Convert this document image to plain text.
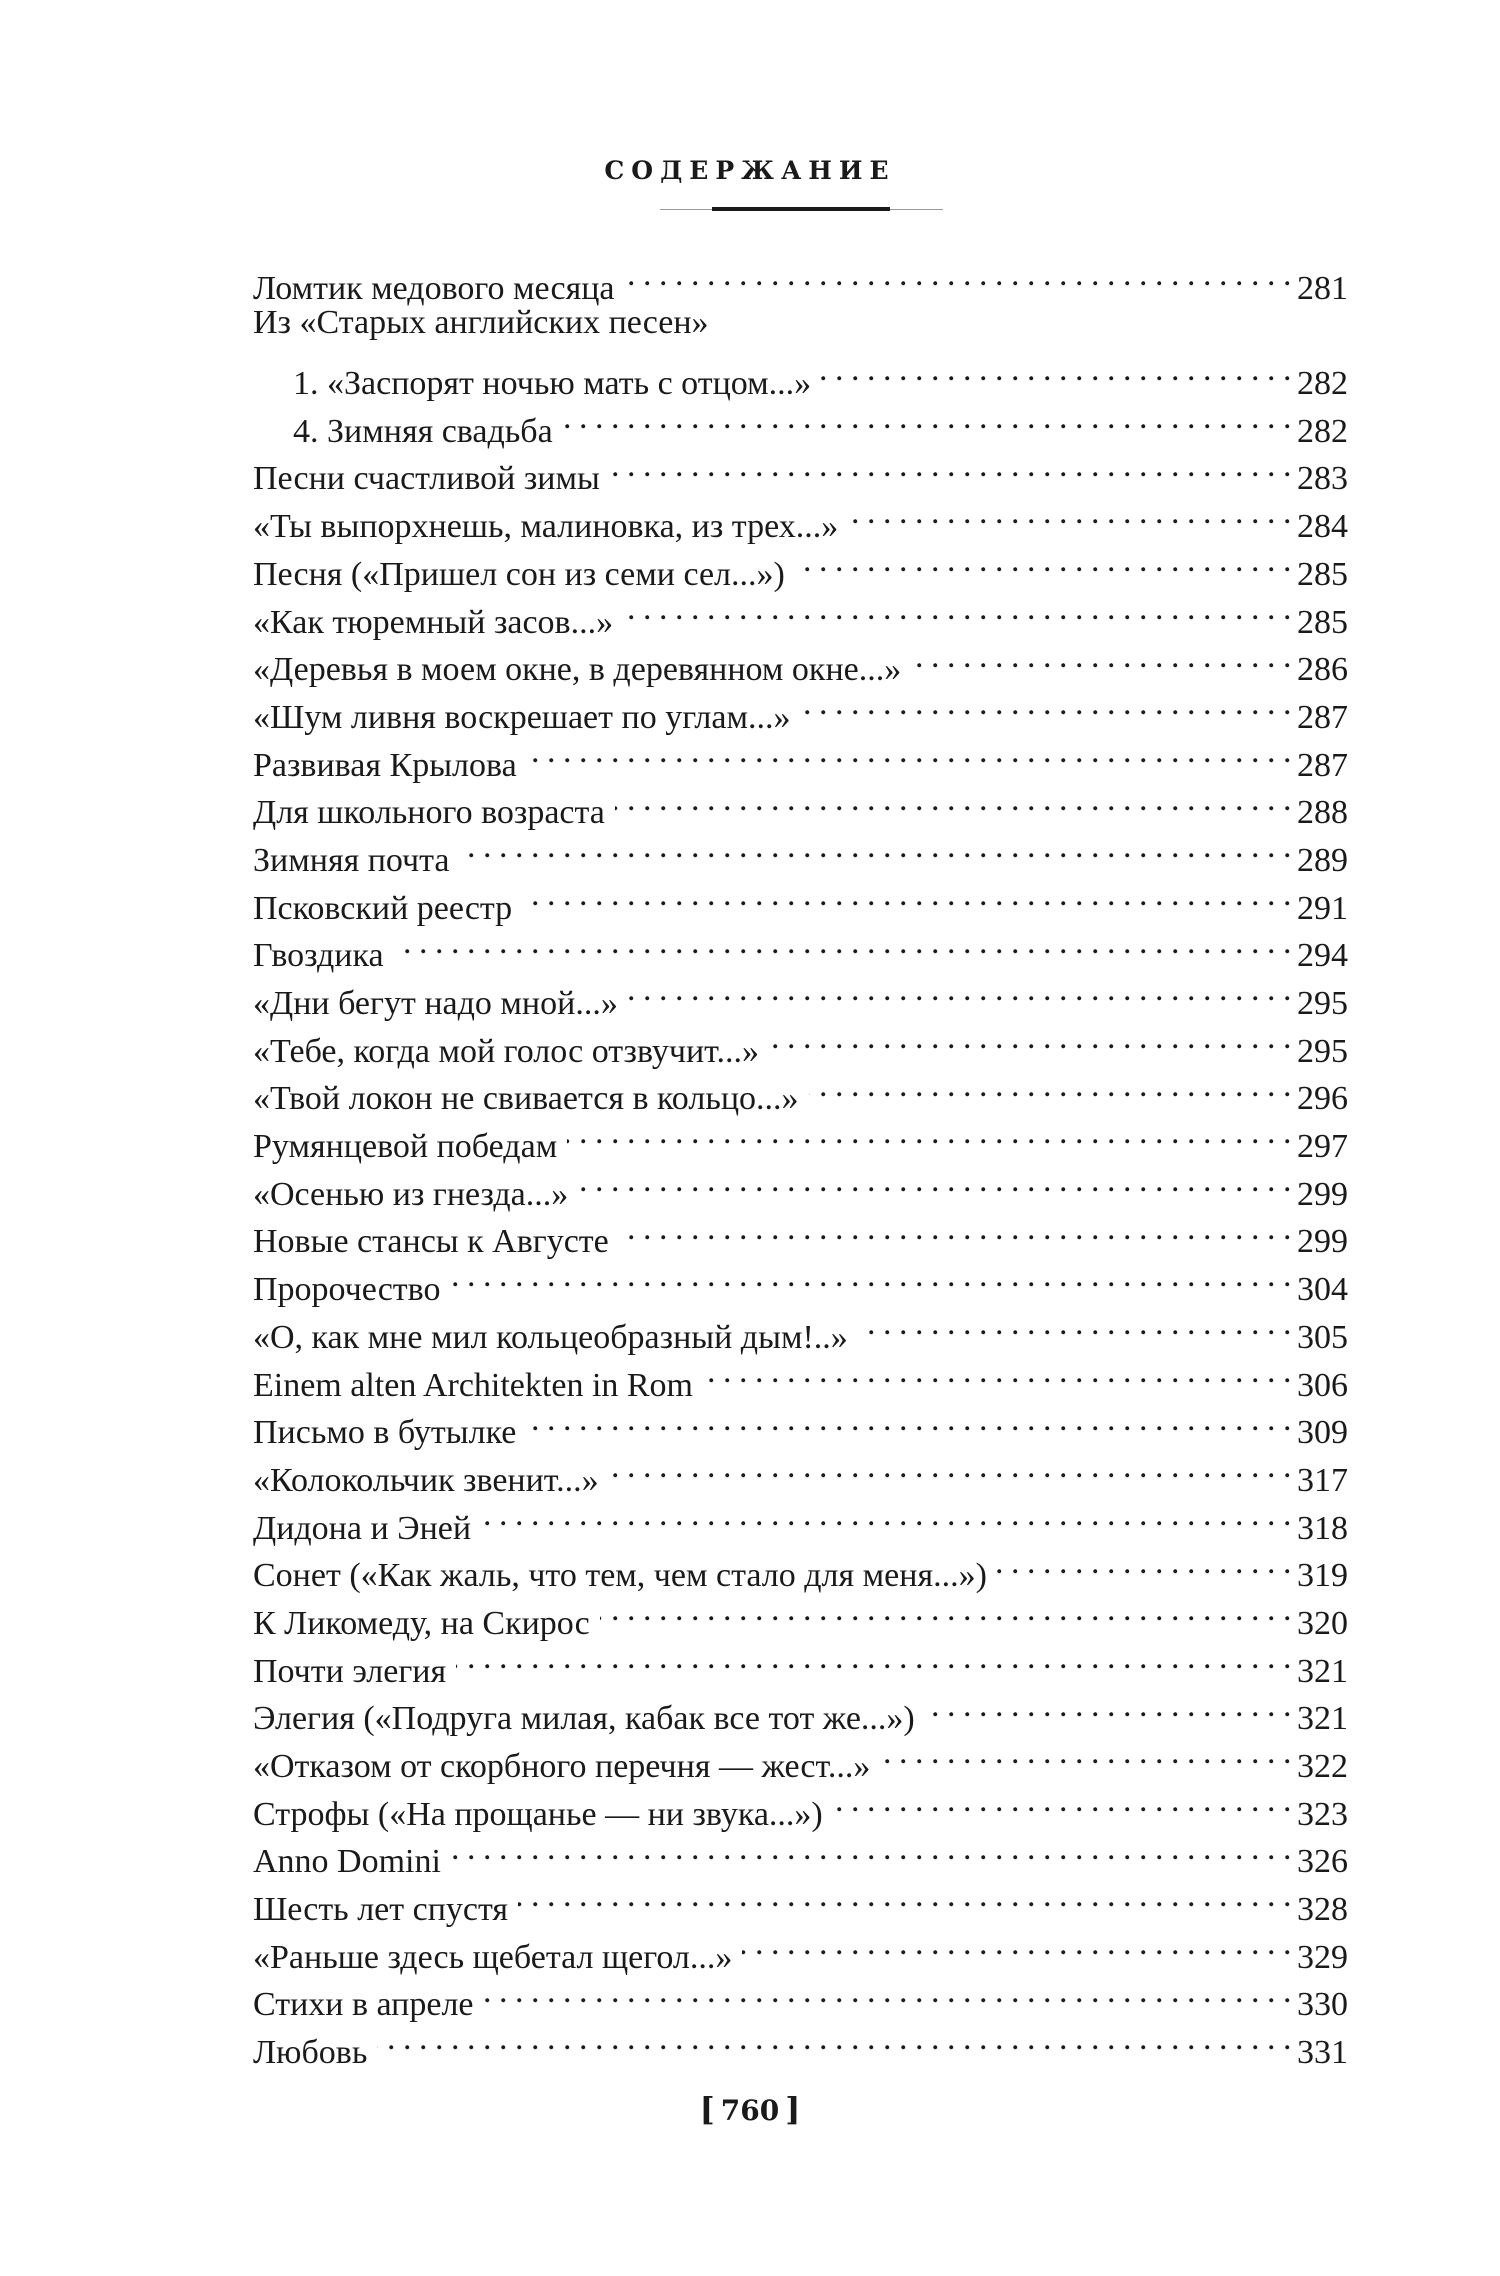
СОДЕРЖАНИЕ
Ломтик медового месяца . . .	281
Из «Старых английских песен»
1. «Заспорят ночью мать с отцом...» . . .	282
4. Зимняя свадьба . . .	282
Песни счастливой зимы . . .	283
«Ты выпорхнешь, малиновка, из трех...» . . .	284
Песня («Пришел сон из семи сел...») . . .	285
«Как тюремный засов...» . . .	285
«Деревья в моем окне, в деревянном окне...» . . .	286
«Шум ливня воскрешает по углам...» . . .	287
Развивая Крылова . . .	287
Для школьного возраста . . .	288
Зимняя почта . . .	289
Псковский реестр . . .	291
Гвоздика . . .	294
«Дни бегут надо мной...» . . .	295
«Тебе, когда мой голос отзвучит...» . . .	295
«Твой локон не свивается в кольцо...» . . .	296
Румянцевой победам . . .	297
«Осенью из гнезда...» . . .	299
Новые стансы к Августе . . .	299
Пророчество . . .	304
«О, как мне мил кольцеобразный дым!..» . . .	305
Einem alten Architekten in Rom . . .	306
Письмо в бутылке . . .	309
«Колокольчик звенит...» . . .	317
Дидона и Эней . . .	318
Сонет («Как жаль, что тем, чем стало для меня...») . . .	319
К Ликомеду, на Скирос . . .	320
Почти элегия . . .	321
Элегия («Подруга милая, кабак все тот же...») . . .	321
«Отказом от скорбного перечня — жест...» . . .	322
Строфы («На прощанье — ни звука...») . . .	323
Anno Domini . . .	326
Шесть лет спустя . . .	328
«Раньше здесь щебетал щегол...» . . .	329
Стихи в апреле . . .	330
Любовь . . .	331
[ 760 ]
